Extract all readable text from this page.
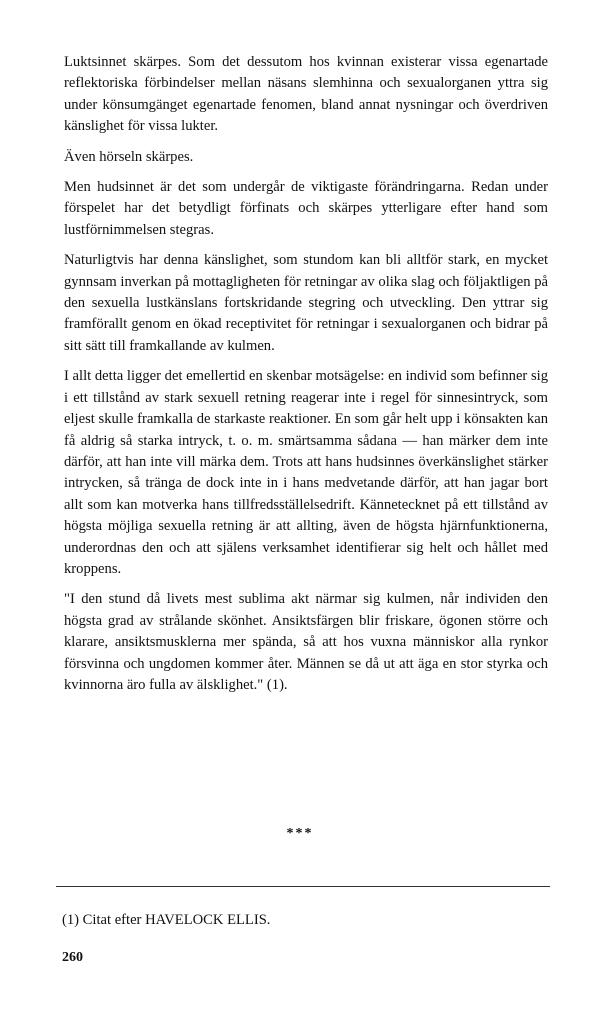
Luktsinnet skärpes. Som det dessutom hos kvinnan existerar vissa egenartade reflektoriska förbindelser mellan näsans slemhinna och sexualorganen yttra sig under könsumgänget egenartade fenomen, bland annat nysningar och överdriven känslighet för vissa lukter.

Även hörseln skärpes.

Men hudsinnet är det som undergår de viktigaste förändringarna. Redan under förspelet har det betydligt förfinats och skärpes ytterligare efter hand som lustförnimmelsen stegras.

Naturligtvis har denna känslighet, som stundom kan bli alltför stark, en mycket gynnsam inverkan på mottagligheten för retningar av olika slag och följaktligen på den sexuella lustkänslans fortskridande stegring och utveckling. Den yttrar sig framförallt genom en ökad receptivitet för retningar i sexualorganen och bidrar på sitt sätt till framkallande av kulmen.

I allt detta ligger det emellertid en skenbar motsägelse: en individ som befinner sig i ett tillstånd av stark sexuell retning reagerar inte i regel för sinnesintryck, som eljest skulle framkalla de starkaste reaktioner. En som går helt upp i könsakten kan få aldrig så starka intryck, t. o. m. smärtsamma sådana — han märker dem inte därför, att han inte vill märka dem. Trots att hans hudsinnes överkänslighet stärker intrycken, så tränga de dock inte in i hans medvetande därför, att han jagar bort allt som kan motverka hans tillfredsställelsedrift. Kännetecknet på ett tillstånd av högsta möjliga sexuella retning är att allting, även de högsta hjärnfunktionerna, underordnas den och att själens verksamhet identifierar sig helt och hållet med kroppens.

"I den stund då livets mest sublima akt närmar sig kulmen, når individen den högsta grad av strålande skönhet. Ansiktsfärgen blir friskare, ögonen större och klarare, ansiktsmusklerna mer spända, så att hos vuxna människor alla rynkor försvinna och ungdomen kommer åter. Männen se då ut att äga en stor styrka och kvinnorna äro fulla av älsklighet." (1).

***
(1) Citat efter HAVELOCK ELLIS.
260
